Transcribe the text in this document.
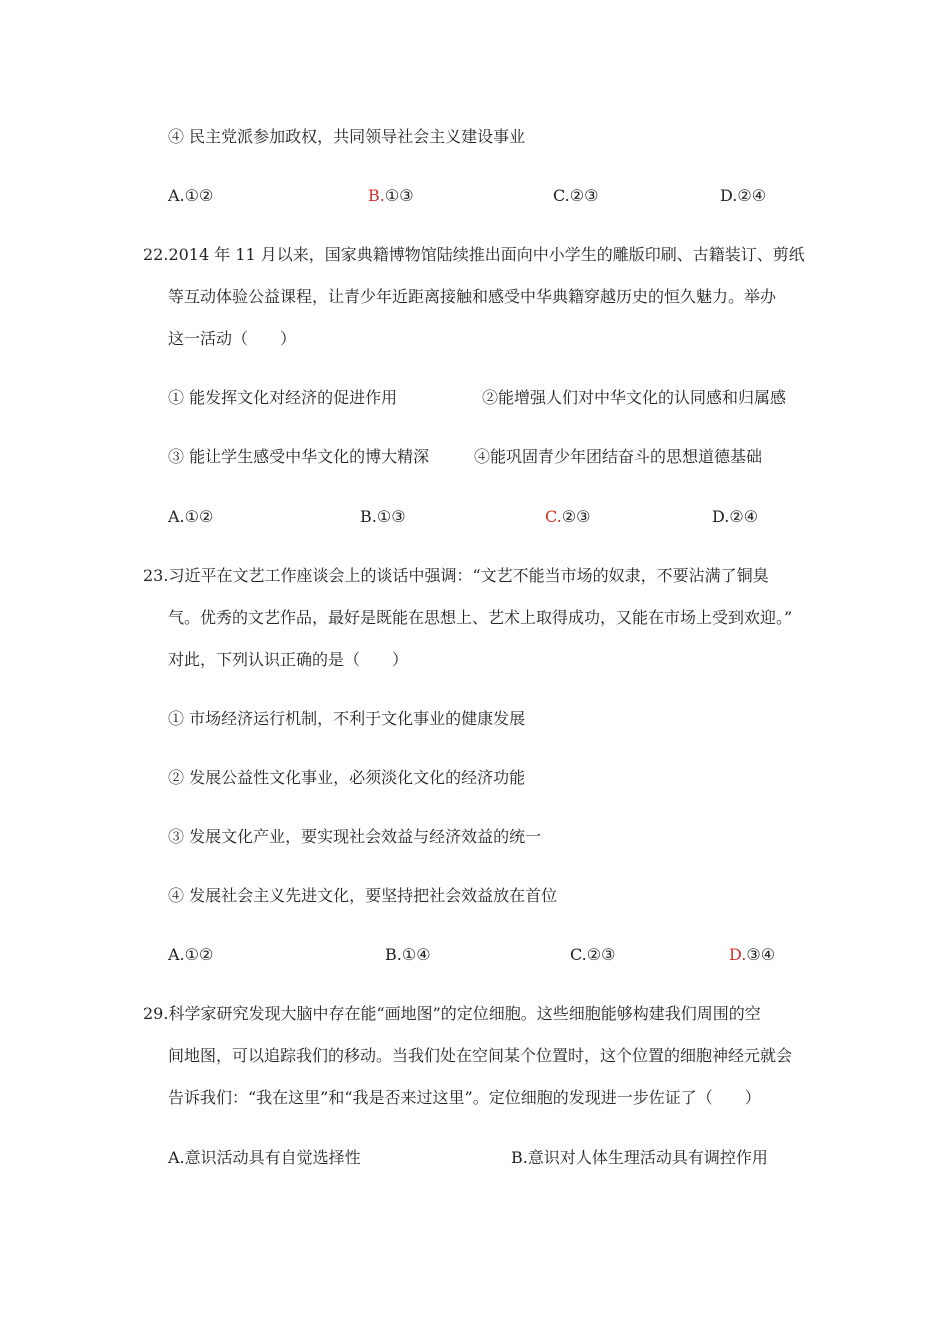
④ 民主党派参加政权，共同领导社会主义建设事业
A.①②	B.①③	C.②③	D.②④
22.2014 年 11 月以来，国家典籍博物馆陆续推出面向中小学生的雕版印刷、古籍装订、剪纸
等互动体验公益课程，让青少年近距离接触和感受中华典籍穿越历史的恒久魅力。举办
这一活动（　　）
① 能发挥文化对经济的促进作用	②能增强人们对中华文化的认同感和归属感
③ 能让学生感受中华文化的博大精深	④能巩固青少年团结奋斗的思想道德基础
A.①②	B.①③	C.②③	D.②④
23.习近平在文艺工作座谈会上的谈话中强调：“文艺不能当市场的奴隶，不要沾满了铜臭
气。优秀的文艺作品，最好是既能在思想上、艺术上取得成功，又能在市场上受到欢迎。”
对此，下列认识正确的是（　　）
① 市场经济运行机制，不利于文化事业的健康发展
② 发展公益性文化事业，必须淡化文化的经济功能
③ 发展文化产业，要实现社会效益与经济效益的统一
④ 发展社会主义先进文化，要坚持把社会效益放在首位
A.①②	B.①④	C.②③	D.③④
29.科学家研究发现大脑中存在能“画地图”的定位细胞。这些细胞能够构建我们周围的空
间地图，可以追踪我们的移动。当我们处在空间某个位置时，这个位置的细胞神经元就会
告诉我们：“我在这里”和“我是否来过这里”。定位细胞的发现进一步佐证了（　　）
A.意识活动具有自觉选择性	B.意识对人体生理活动具有调控作用
